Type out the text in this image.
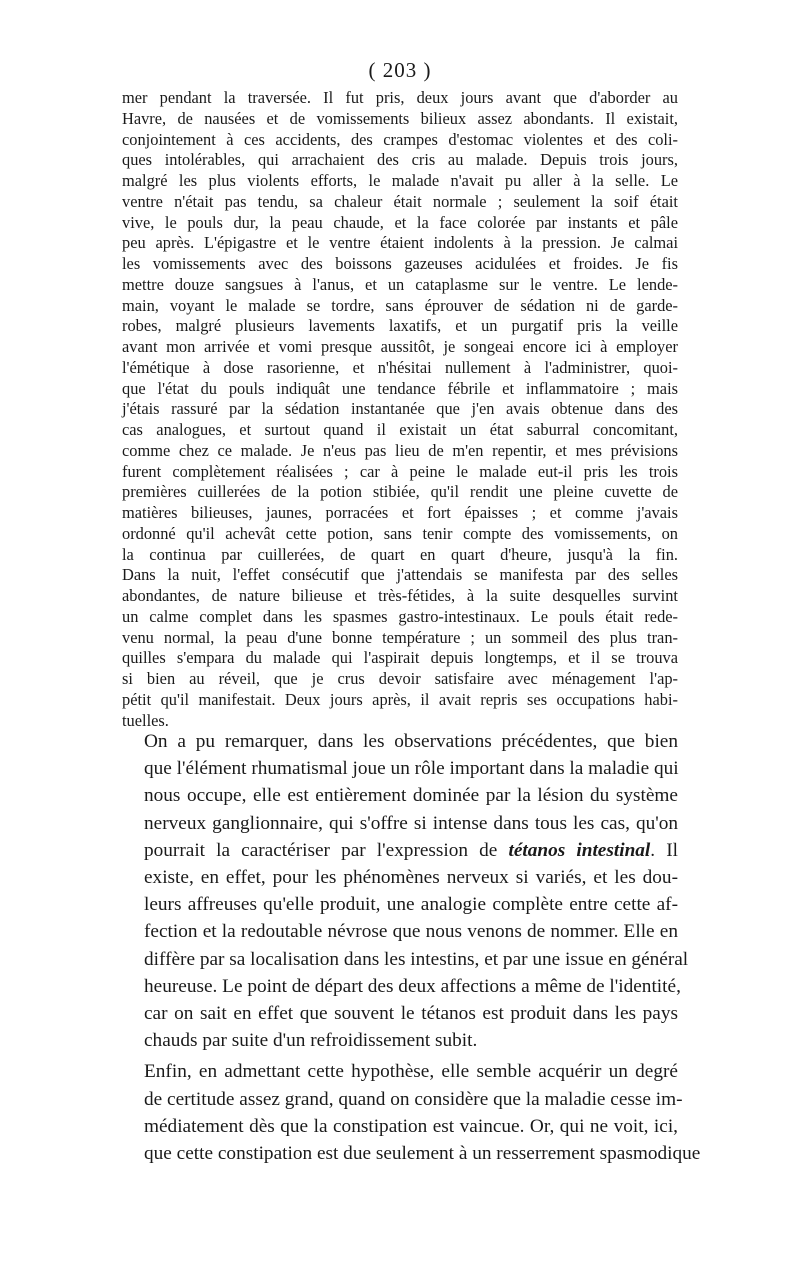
( 203 )

mer pendant la traversée. Il fut pris, deux jours avant que d'aborder au
Havre, de nausées et de vomissements bilieux assez abondants. Il existait,
conjointement à ces accidents, des crampes d'estomac violentes et des coli-
ques intolérables, qui arrachaient des cris au malade. Depuis trois jours,
malgré les plus violents efforts, le malade n'avait pu aller à la selle. Le
ventre n'était pas tendu, sa chaleur était normale ; seulement la soif était
vive, le pouls dur, la peau chaude, et la face colorée par instants et pâle
peu après. L'épigastre et le ventre étaient indolents à la pression. Je calmai
les vomissements avec des boissons gazeuses acidulées et froides. Je fis
mettre douze sangsues à l'anus, et un cataplasme sur le ventre. Le lende-
main, voyant le malade se tordre, sans éprouver de sédation ni de garde-
robes, malgré plusieurs lavements laxatifs, et un purgatif pris la veille
avant mon arrivée et vomi presque aussitôt, je songeai encore ici à employer
l'émétique à dose rasorienne, et n'hésitai nullement à l'administrer, quoi-
que l'état du pouls indiquât une tendance fébrile et inflammatoire ; mais
j'étais rassuré par la sédation instantanée que j'en avais obtenue dans des
cas analogues, et surtout quand il existait un état saburral concomitant,
comme chez ce malade. Je n'eus pas lieu de m'en repentir, et mes prévisions
furent complètement réalisées ; car à peine le malade eut-il pris les trois
premières cuillerées de la potion stibiée, qu'il rendit une pleine cuvette de
matières bilieuses, jaunes, porracées et fort épaisses ; et comme j'avais
ordonné qu'il achevât cette potion, sans tenir compte des vomissements, on
la continua par cuillerées, de quart en quart d'heure, jusqu'à la fin.
Dans la nuit, l'effet consécutif que j'attendais se manifesta par des selles
abondantes, de nature bilieuse et très-fétides, à la suite desquelles survint
un calme complet dans les spasmes gastro-intestinaux. Le pouls était rede-
venu normal, la peau d'une bonne température ; un sommeil des plus tran-
quilles s'empara du malade qui l'aspirait depuis longtemps, et il se trouva
si bien au réveil, que je crus devoir satisfaire avec ménagement l'ap-
pétit qu'il manifestait. Deux jours après, il avait repris ses occupations habi-
tuelles.

On a pu remarquer, dans les observations précédentes, que bien
que l'élément rhumatismal joue un rôle important dans la maladie qui
nous occupe, elle est entièrement dominée par la lésion du système
nerveux ganglionnaire, qui s'offre si intense dans tous les cas, qu'on
pourrait la caractériser par l'expression de tétanos intestinal. Il
existe, en effet, pour les phénomènes nerveux si variés, et les dou-
leurs affreuses qu'elle produit, une analogie complète entre cette af-
fection et la redoutable névrose que nous venons de nommer. Elle en
diffère par sa localisation dans les intestins, et par une issue en général
heureuse. Le point de départ des deux affections a même de l'identité,
car on sait en effet que souvent le tétanos est produit dans les pays
chauds par suite d'un refroidissement subit.

Enfin, en admettant cette hypothèse, elle semble acquérir un degré
de certitude assez grand, quand on considère que la maladie cesse im-
médiatement dès que la constipation est vaincue. Or, qui ne voit, ici,
que cette constipation est due seulement à un resserrement spasmodique
